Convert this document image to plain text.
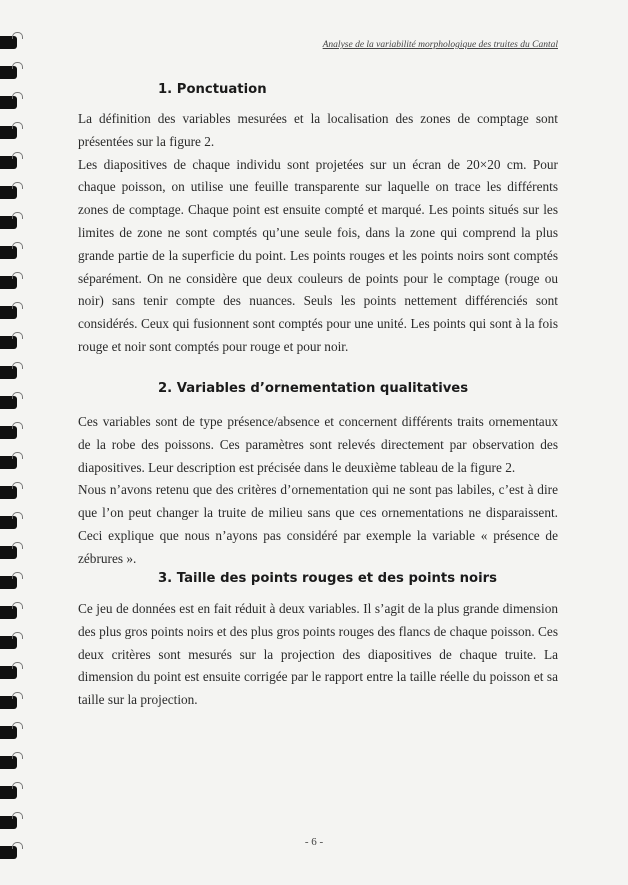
Analyse de la variabilité morphologique des truites du Cantal
1. Ponctuation

La définition des variables mesurées et la localisation des zones de comptage sont présentées sur la figure 2.

Les diapositives de chaque individu sont projetées sur un écran de 20×20 cm. Pour chaque poisson, on utilise une feuille transparente sur laquelle on trace les différents zones de comptage. Chaque point est ensuite compté et marqué. Les points situés sur les limites de zone ne sont comptés qu’une seule fois, dans la zone qui comprend la plus grande partie de la superficie du point. Les points rouges et les points noirs sont comptés séparément. On ne considère que deux couleurs de points pour le comptage (rouge ou noir) sans tenir compte des nuances. Seuls les points nettement différenciés sont considérés. Ceux qui fusionnent sont comptés pour une unité. Les points qui sont à la fois rouge et noir sont comptés pour rouge et pour noir.

2. Variables d’ornementation qualitatives

Ces variables sont de type présence/absence et concernent différents traits ornementaux de la robe des poissons. Ces paramètres sont relevés directement par observation des diapositives. Leur description est précisée dans le deuxième tableau de la figure 2.

Nous n’avons retenu que des critères d’ornementation qui ne sont pas labiles, c’est à dire que l’on peut changer la truite de milieu sans que ces ornementations ne disparaissent. Ceci explique que nous n’ayons pas considéré par exemple la variable « présence de zébrures ».

3. Taille des points rouges et des points noirs

Ce jeu de données est en fait réduit à deux variables. Il s’agit de la plus grande dimension des plus gros points noirs et des plus gros points rouges des flancs de chaque poisson. Ces deux critères sont mesurés sur la projection des diapositives de chaque truite. La dimension du point est ensuite corrigée par le rapport entre la taille réelle du poisson et sa taille sur la projection.

- 6 -
